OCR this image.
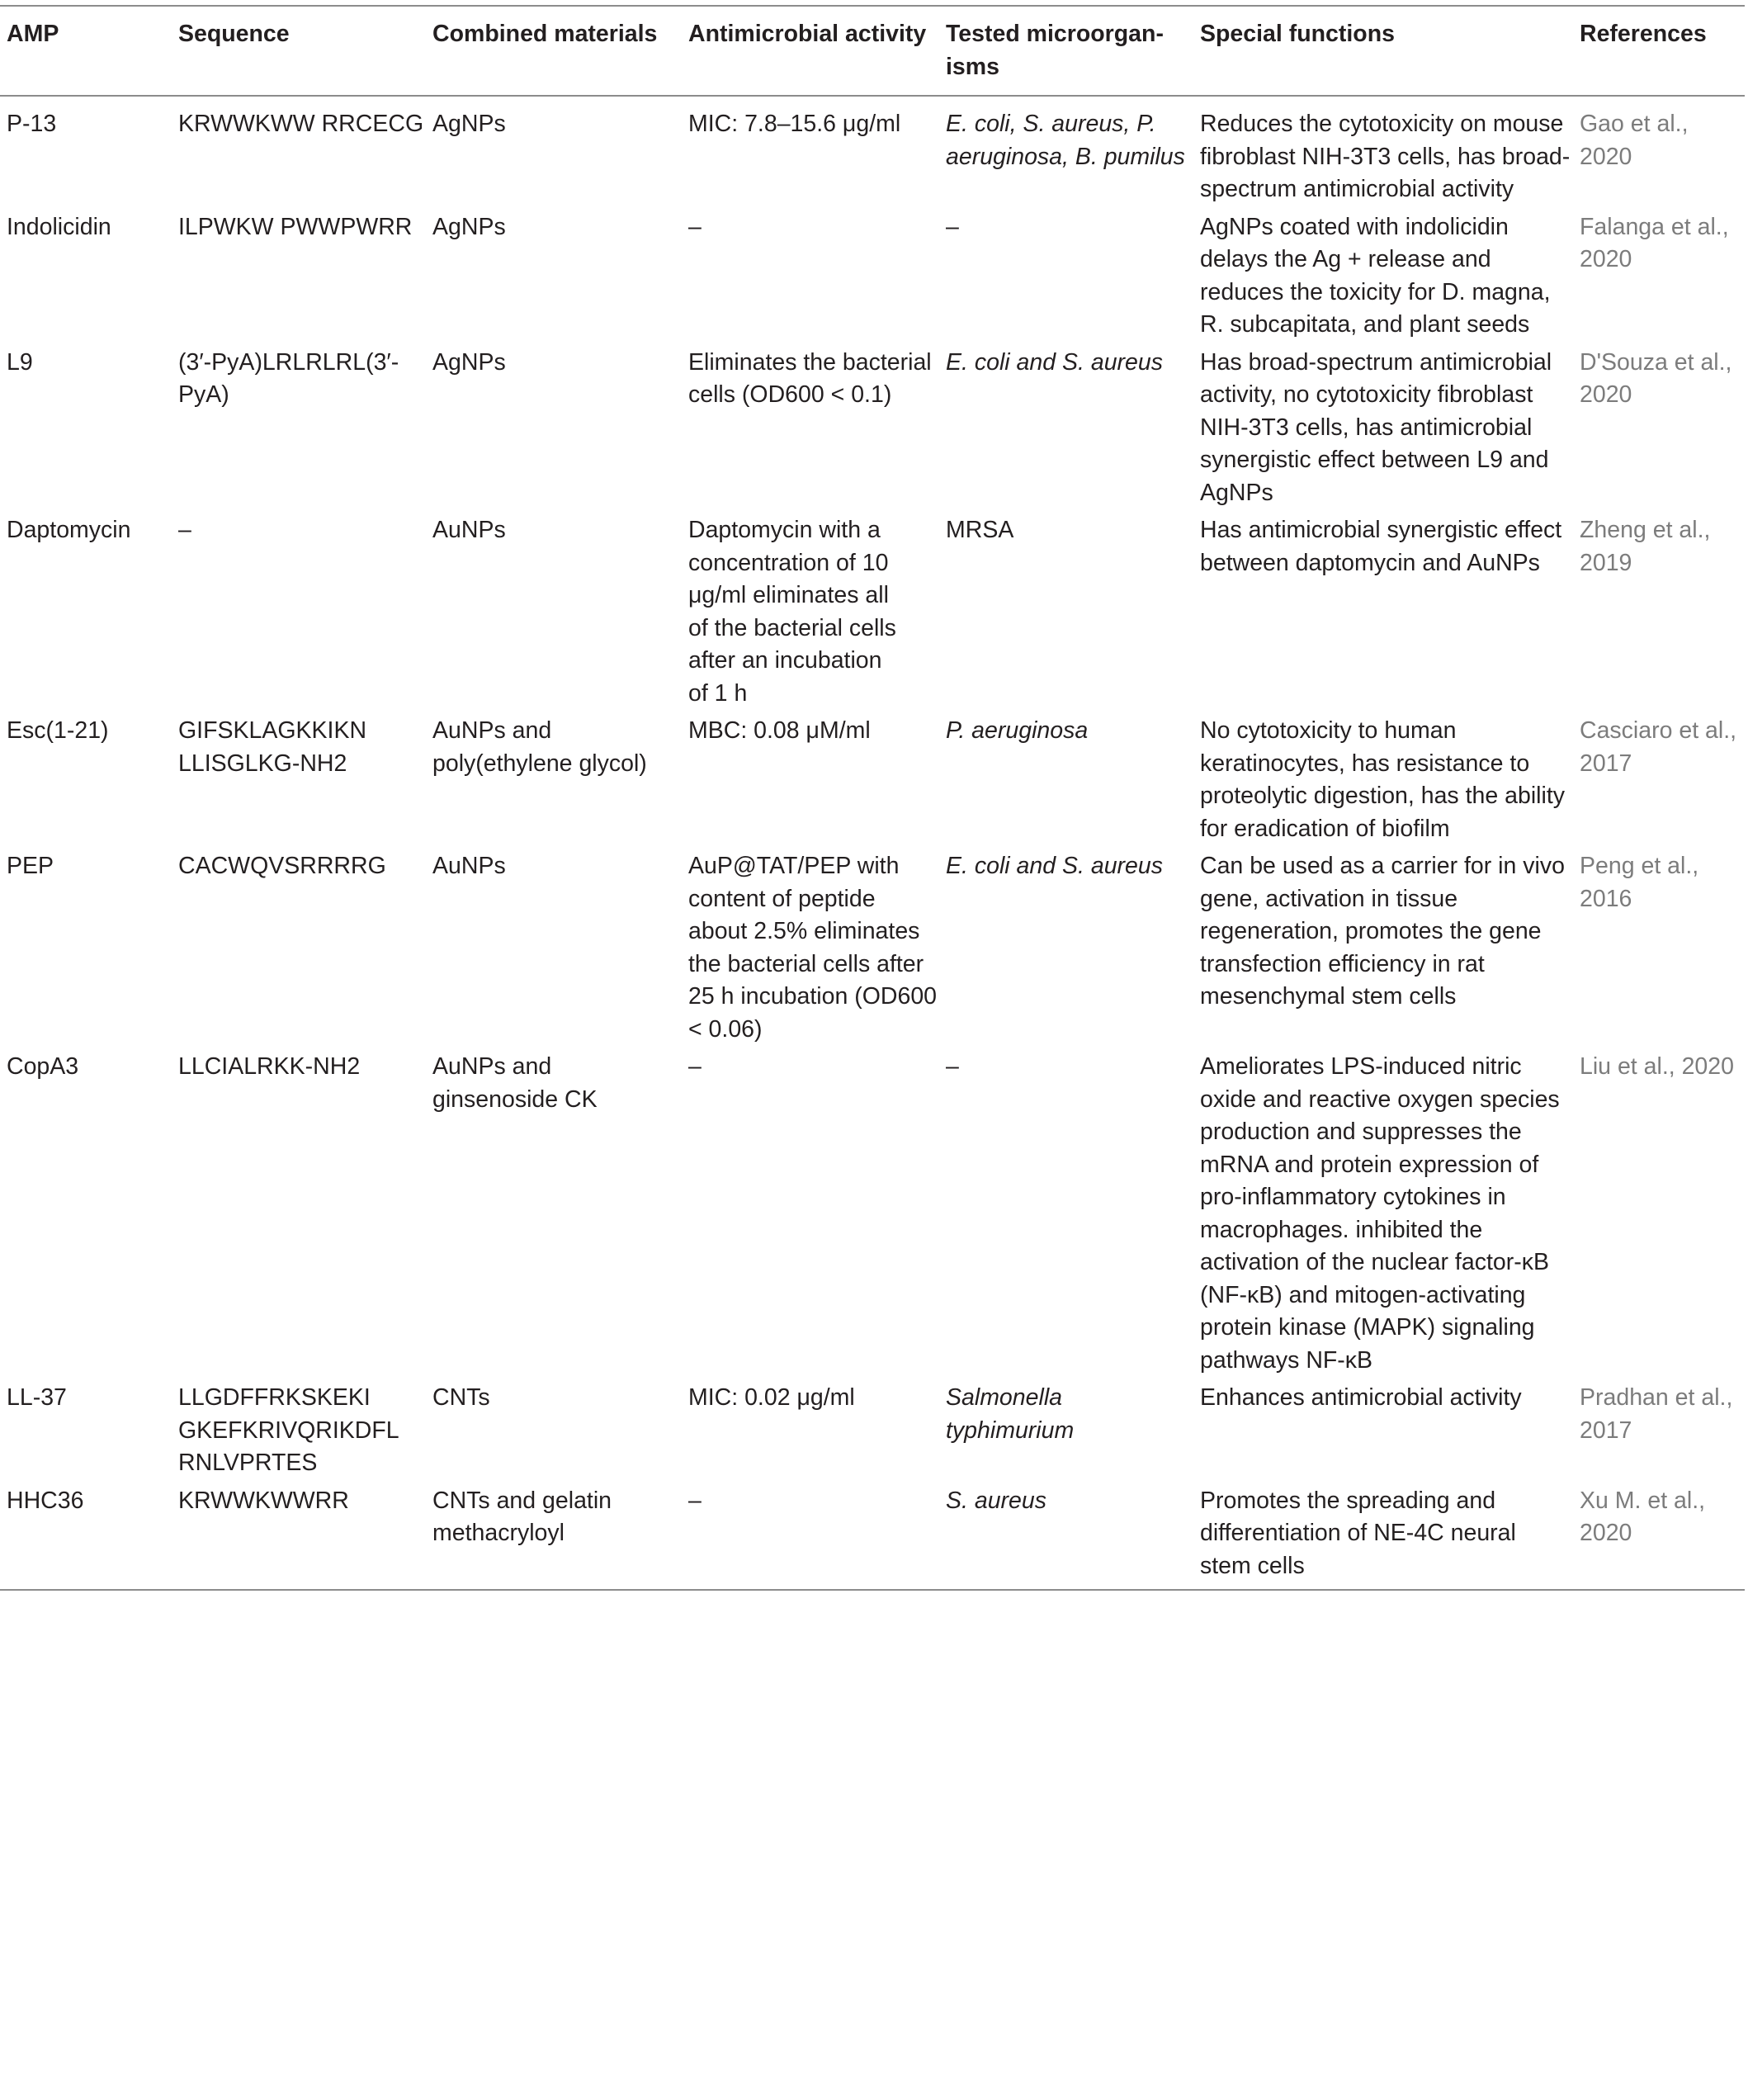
AMP	Sequence	Combined materials	Antimicrobial activity	Tested microorgan-isms	Special functions	References
P-13	KRWWKWW RRCECG	AgNPs	MIC: 7.8–15.6 μg/ml	E. coli, S. aureus, P. aeruginosa, B. pumilus	Reduces the cytotoxicity on mouse fibroblast NIH-3T3 cells, has broad-spectrum antimicrobial activity	Gao et al., 2020
Indolicidin	ILPWKW PWWPWRR	AgNPs	–	–	AgNPs coated with indolicidin delays the Ag + release and reduces the toxicity for D. magna, R. subcapitata, and plant seeds	Falanga et al., 2020
L9	(3′-PyA)LRLRLRL(3′-PyA)	AgNPs	Eliminates the bacterial cells (OD600 < 0.1)	E. coli and S. aureus	Has broad-spectrum antimicrobial activity, no cytotoxicity fibroblast NIH-3T3 cells, has antimicrobial synergistic effect between L9 and AgNPs	D'Souza et al., 2020
Daptomycin	–	AuNPs	Daptomycin with a concentration of 10 μg/ml eliminates all of the bacterial cells after an incubation of 1 h	MRSA	Has antimicrobial synergistic effect between daptomycin and AuNPs	Zheng et al., 2019
Esc(1-21)	GIFSKLAGKKIKN LLISGLKG-NH2	AuNPs and poly(ethylene glycol)	MBC: 0.08 μM/ml	P. aeruginosa	No cytotoxicity to human keratinocytes, has resistance to proteolytic digestion, has the ability for eradication of biofilm	Casciaro et al., 2017
PEP	CACWQVSRRRRG	AuNPs	AuP@TAT/PEP with content of peptide about 2.5% eliminates the bacterial cells after 25 h incubation (OD600 < 0.06)	E. coli and S. aureus	Can be used as a carrier for in vivo gene, activation in tissue regeneration, promotes the gene transfection efficiency in rat mesenchymal stem cells	Peng et al., 2016
CopA3	LLCIALRKK-NH2	AuNPs and ginsenoside CK	–	–	Ameliorates LPS-induced nitric oxide and reactive oxygen species production and suppresses the mRNA and protein expression of pro-inflammatory cytokines in macrophages. inhibited the activation of the nuclear factor-κB (NF-κB) and mitogen-activating protein kinase (MAPK) signaling pathways NF-κB	Liu et al., 2020
LL-37	LLGDFFRKSKEKI GKEFKRIVQRIKDFL RNLVPRTES	CNTs	MIC: 0.02 μg/ml	Salmonella typhimurium	Enhances antimicrobial activity	Pradhan et al., 2017
HHC36	KRWWKWWRR	CNTs and gelatin methacryloyl	–	S. aureus	Promotes the spreading and differentiation of NE-4C neural stem cells	Xu M. et al., 2020
